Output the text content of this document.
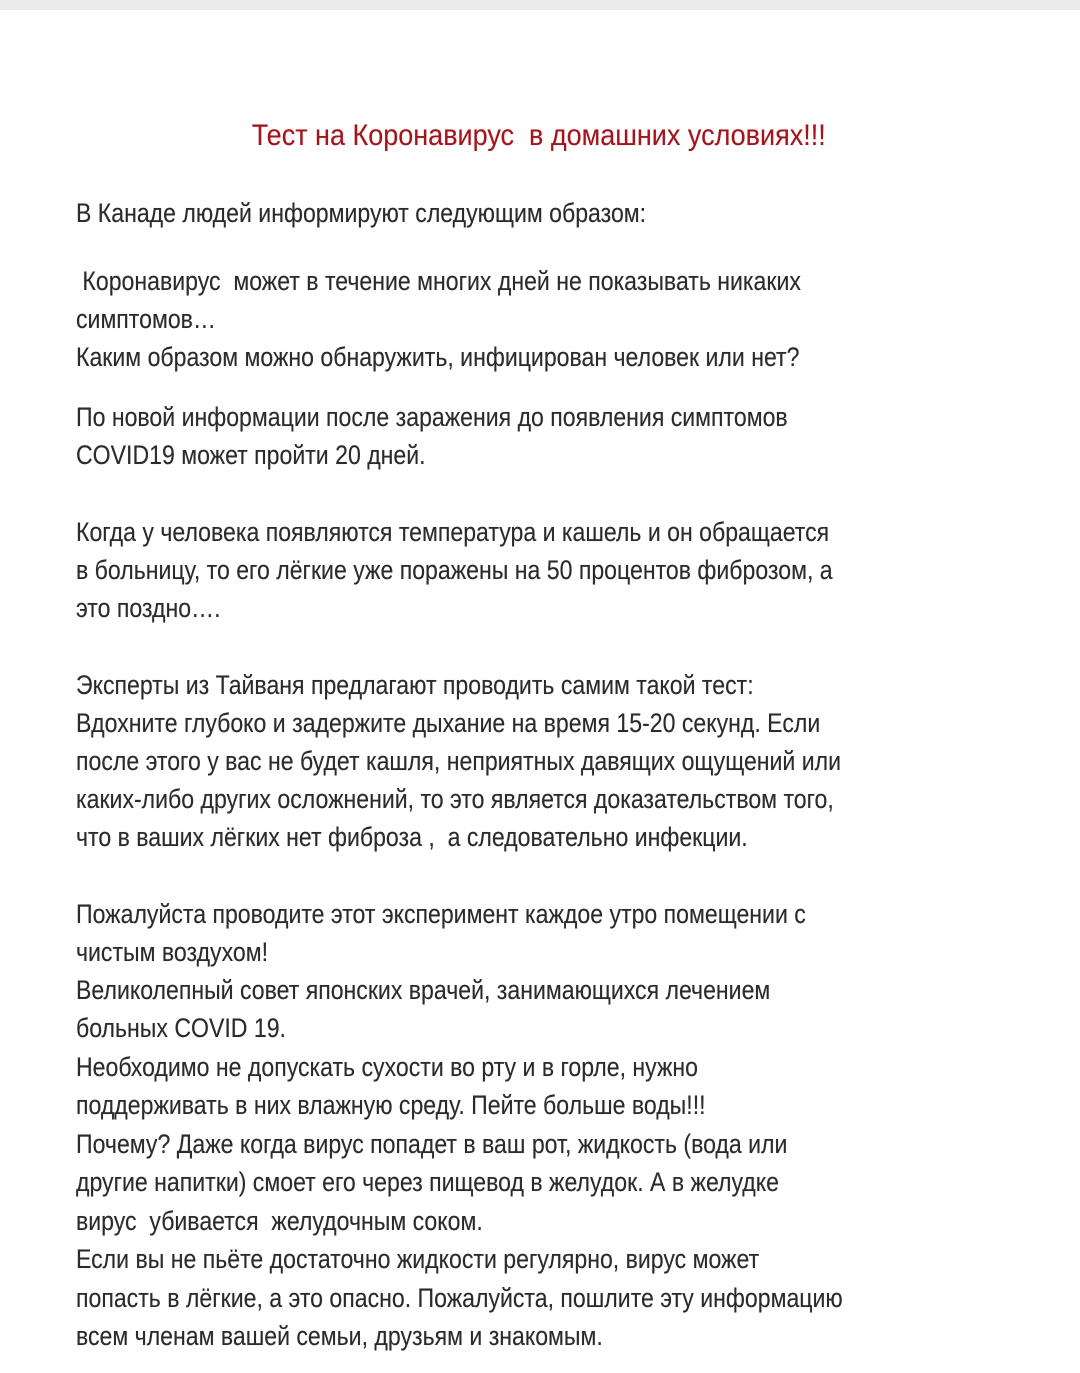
Тест на Коронавирус  в домашних условиях!!!
В Канаде людей информируют следующим образом:
Коронавирус  может в течение многих дней не показывать никаких
симптомов…
Каким образом можно обнаружить, инфицирован человек или нет?
По новой информации после заражения до появления симптомов
COVID19 может пройти 20 дней.
Когда у человека появляются температура и кашель и он обращается
в больницу, то его лёгкие уже поражены на 50 процентов фиброзом, а
это поздно….
Эксперты из Тайваня предлагают проводить самим такой тест:
Вдохните глубоко и задержите дыхание на время 15-20 секунд. Если
после этого у вас не будет кашля, неприятных давящих ощущений или
каких-либо других осложнений, то это является доказательством того,
что в ваших лёгких нет фиброза ,  а следовательно инфекции.
Пожалуйста проводите этот эксперимент каждое утро помещении с
чистым воздухом!
Великолепный совет японских врачей, занимающихся лечением
больных COVID 19.
Необходимо не допускать сухости во рту и в горле, нужно
поддерживать в них влажную среду. Пейте больше воды!!!
Почему? Даже когда вирус попадет в ваш рот, жидкость (вода или
другие напитки) смоет его через пищевод в желудок. А в желудке
вирус  убивается  желудочным соком.
Если вы не пьёте достаточно жидкости регулярно, вирус может
попасть в лёгкие, а это опасно. Пожалуйста, пошлите эту информацию
всем членам вашей семьи, друзьям и знакомым.
